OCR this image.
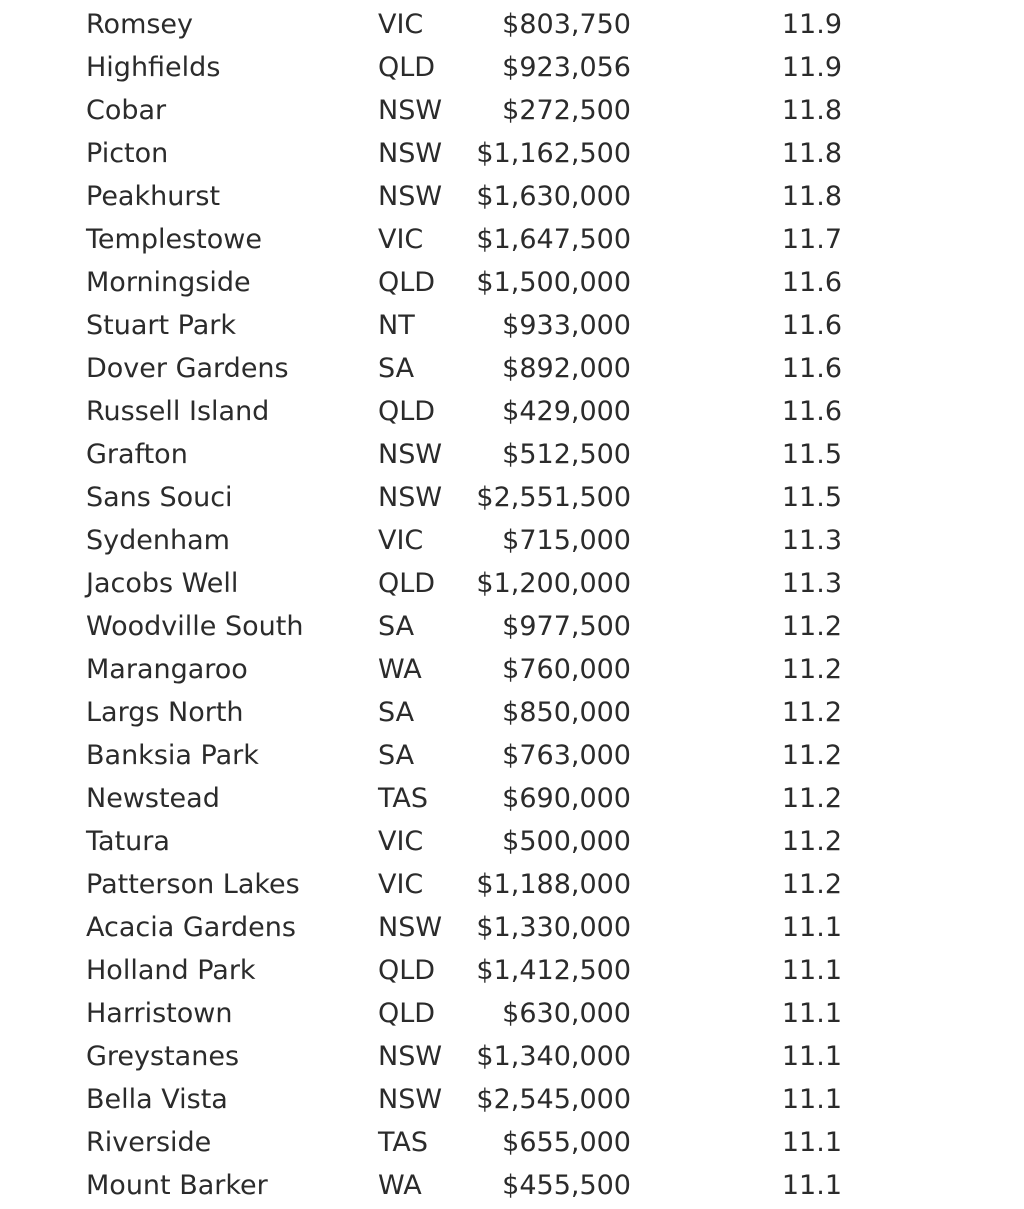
Romsey	VIC	$803,750	11.9
Highfields	QLD $923,056	11.9
Cobar	NSW $272,500	11.8
Picton	NSW $1,162,500	11.8
Peakhurst	NSW $1,630,000	11.8
Templestowe	VIC $1,647,500	11.7
Morningside	QLD $1,500,000	11.6
Stuart Park	NT	$933,000	11.6
Dover Gardens	SA	$892,000	11.6
Russell Island	QLD $429,000	11.6
Grafton	NSW $512,500	11.5
Sans Souci	NSW $2,551,500	11.5
Sydenham	VIC	$715,000	11.3
Jacobs Well	QLD $1,200,000	11.3
Woodville South	SA	$977,500	11.2
Marangaroo	WA	$760,000	11.2
Largs North	SA	$850,000	11.2
Banksia Park	SA	$763,000	11.2
Newstead	TAS	$690,000	11.2
Tatura	VIC	$500,000	11.2
Patterson Lakes	VIC $1,188,000	11.2
Acacia Gardens	NSW $1,330,000	11.1
Holland Park	QLD $1,412,500	11.1
Harristown	QLD $630,000	11.1
Greystanes	NSW $1,340,000	11.1
Bella Vista	NSW $2,545,000	11.1
Riverside	TAS	$655,000	11.1
Mount Barker	WA	$455,500	11.1
